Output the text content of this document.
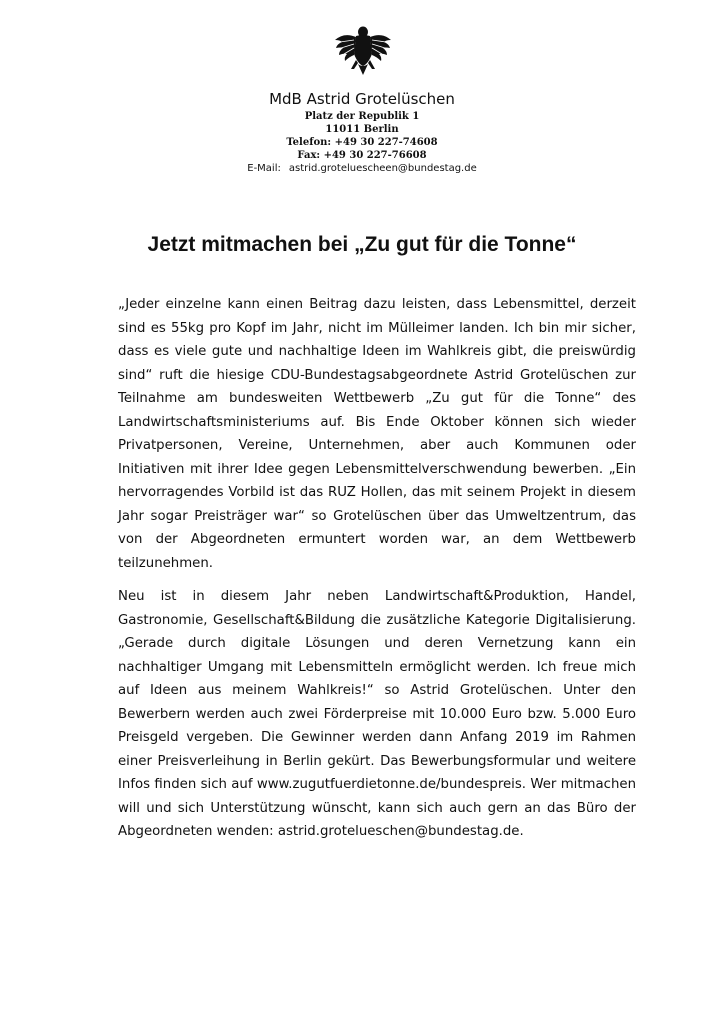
MdB Astrid Grotelüschen
Platz der Republik 1
11011 Berlin
Telefon: +49 30 227-74608
Fax: +49 30 227-76608
E-Mail: astrid.groteluescheen@bundestag.de
Jetzt mitmachen bei „Zu gut für die Tonne“

„Jeder einzelne kann einen Beitrag dazu leisten, dass Lebensmittel, derzeit sind es 55kg pro Kopf im Jahr, nicht im Mülleimer landen. Ich bin mir sicher, dass es viele gute und nachhaltige Ideen im Wahlkreis gibt, die preiswürdig sind“ ruft die hiesige CDU-Bundestagsabgeordnete Astrid Grotelüschen zur Teilnahme am bundesweiten Wettbewerb „Zu gut für die Tonne“ des Landwirtschaftsministeriums auf. Bis Ende Oktober können sich wieder Privatpersonen, Vereine, Unternehmen, aber auch Kommunen oder Initiativen mit ihrer Idee gegen Lebensmittelverschwendung bewerben. „Ein hervorragendes Vorbild ist das RUZ Hollen, das mit seinem Projekt in diesem Jahr sogar Preisträger war“ so Grotelüschen über das Umweltzentrum, das von der Abgeordneten ermuntert worden war, an dem Wettbewerb teilzunehmen.

Neu ist in diesem Jahr neben Landwirtschaft&Produktion, Handel, Gastronomie, Gesellschaft&Bildung die zusätzliche Kategorie Digitalisierung. „Gerade durch digitale Lösungen und deren Vernetzung kann ein nachhaltiger Umgang mit Lebensmitteln ermöglicht werden. Ich freue mich auf Ideen aus meinem Wahlkreis!“ so Astrid Grotelüschen. Unter den Bewerbern werden auch zwei Förderpreise mit 10.000 Euro bzw. 5.000 Euro Preisgeld vergeben. Die Gewinner werden dann Anfang 2019 im Rahmen einer Preisverleihung in Berlin gekürt. Das Bewerbungsformular und weitere Infos finden sich auf www.zugutfuerdietonne.de/bundespreis. Wer mitmachen will und sich Unterstützung wünscht, kann sich auch gern an das Büro der Abgeordneten wenden: astrid.grotelueschen@bundestag.de.
